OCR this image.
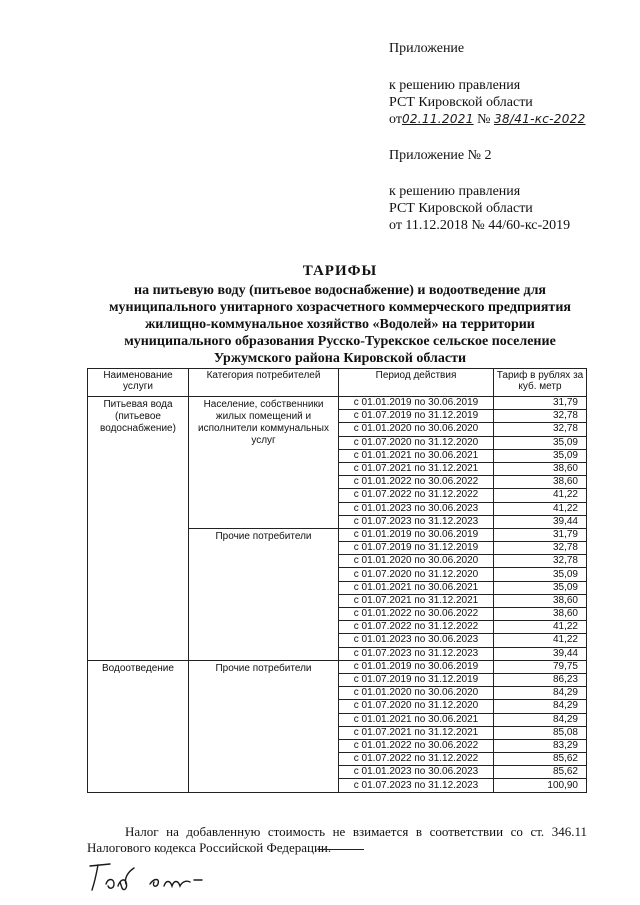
Приложение
к решению правления
РСТ Кировской области
от02.11.2021 № 38/41-кс-2022
Приложение № 2
к решению правления
РСТ Кировской области
от 11.12.2018 № 44/60-кс-2019
ТАРИФЫ
на питьевую воду (питьевое водоснабжение) и водоотведение для
муниципального унитарного хозрасчетного коммерческого предприятия
жилищно-коммунальное хозяйство «Водолей» на территории
муниципального образования Русско-Турекское сельское поселение
Уржумского района Кировской области
Наименование услуги	Категория потребителей	Период действия	Тариф в рублях за куб. метр
Питьевая вода (питьевое водоснабжение)	Население, собственники жилых помещений и исполнители коммунальных услуг	с 01.01.2019 по 30.06.2019	31,79
		с 01.07.2019 по 31.12.2019	32,78
		с 01.01.2020 по 30.06.2020	32,78
		с 01.07.2020 по 31.12.2020	35,09
		с 01.01.2021 по 30.06.2021	35,09
		с 01.07.2021 по 31.12.2021	38,60
		с 01.01.2022 по 30.06.2022	38,60
		с 01.07.2022 по 31.12.2022	41,22
		с 01.01.2023 по 30.06.2023	41,22
		с 01.07.2023 по 31.12.2023	39,44
	Прочие потребители	с 01.01.2019 по 30.06.2019	31,79
		с 01.07.2019 по 31.12.2019	32,78
		с 01.01.2020 по 30.06.2020	32,78
		с 01.07.2020 по 31.12.2020	35,09
		с 01.01.2021 по 30.06.2021	35,09
		с 01.07.2021 по 31.12.2021	38,60
		с 01.01.2022 по 30.06.2022	38,60
		с 01.07.2022 по 31.12.2022	41,22
		с 01.01.2023 по 30.06.2023	41,22
		с 01.07.2023 по 31.12.2023	39,44
Водоотведение	Прочие потребители	с 01.01.2019 по 30.06.2019	79,75
		с 01.07.2019 по 31.12.2019	86,23
		с 01.01.2020 по 30.06.2020	84,29
		с 01.07.2020 по 31.12.2020	84,29
		с 01.01.2021 по 30.06.2021	84,29
		с 01.07.2021 по 31.12.2021	85,08
		с 01.01.2022 по 30.06.2022	83,29
		с 01.07.2022 по 31.12.2022	85,62
		с 01.01.2023 по 30.06.2023	85,62
		с 01.07.2023 по 31.12.2023	100,90
Налог на добавленную стоимость не взимается в соответствии со ст. 346.11 Налогового кодекса Российской Федерации.
